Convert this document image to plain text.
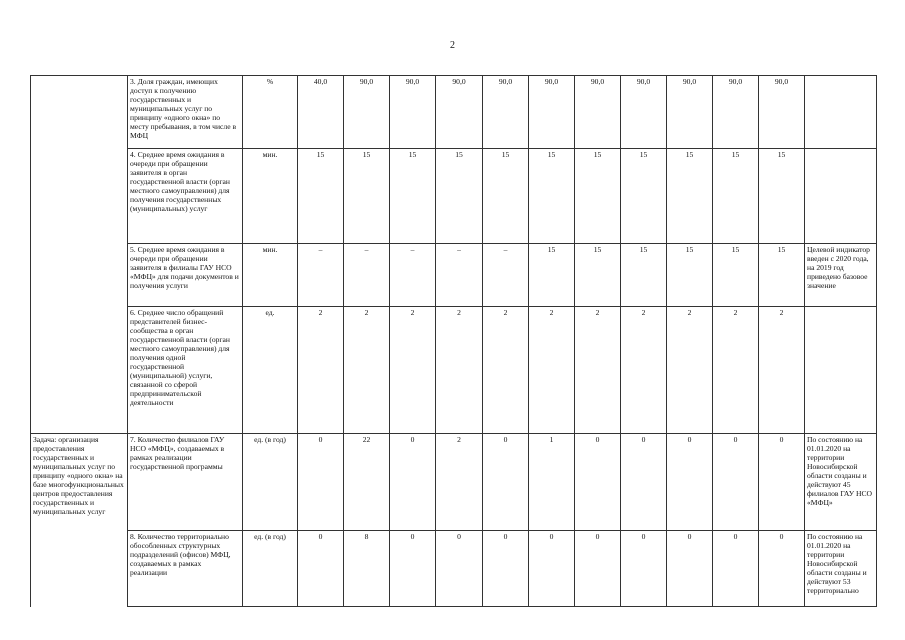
2
	3. Доля граждан, имеющих доступ к получению государственных и муниципальных услуг по принципу «одного окна» по месту пребывания, в том числе в МФЦ	%	40,0	90,0	90,0	90,0	90,0	90,0	90,0	90,0	90,0	90,0	90,0	
	4. Среднее время ожидания в очереди при обращении заявителя в орган государственной власти (орган местного самоуправления) для получения государственных (муниципальных) услуг	мин.	15	15	15	15	15	15	15	15	15	15	15	
	5. Среднее время ожидания в очереди при обращении заявителя в филиалы ГАУ НСО «МФЦ» для подачи документов и получения услуги	мин.	–	–	–	–	–	15	15	15	15	15	15	Целевой индикатор введен с 2020 года, на 2019 год приведено базовое значение
	6. Среднее число обращений представителей бизнес-сообщества в орган государственной власти (орган местного самоуправления) для получения одной государственной (муниципальной) услуги, связанной со сферой предпринимательской деятельности	ед.	2	2	2	2	2	2	2	2	2	2	2	
Задача: организация предоставления государственных и муниципальных услуг по принципу «одного окна» на базе многофункциональных центров предоставления государственных и муниципальных услуг	7. Количество филиалов ГАУ НСО «МФЦ», создаваемых в рамках реализации государственной программы	ед. (в год)	0	22	0	2	0	1	0	0	0	0	0	По состоянию на 01.01.2020 на территории Новосибирской области созданы и действуют 45 филиалов ГАУ НСО «МФЦ»
	8. Количество территориально обособленных структурных подразделений (офисов) МФЦ, создаваемых в рамках реализации	ед. (в год)	0	8	0	0	0	0	0	0	0	0	0	По состоянию на 01.01.2020 на территории Новосибирской области созданы и действуют 53 территориально
